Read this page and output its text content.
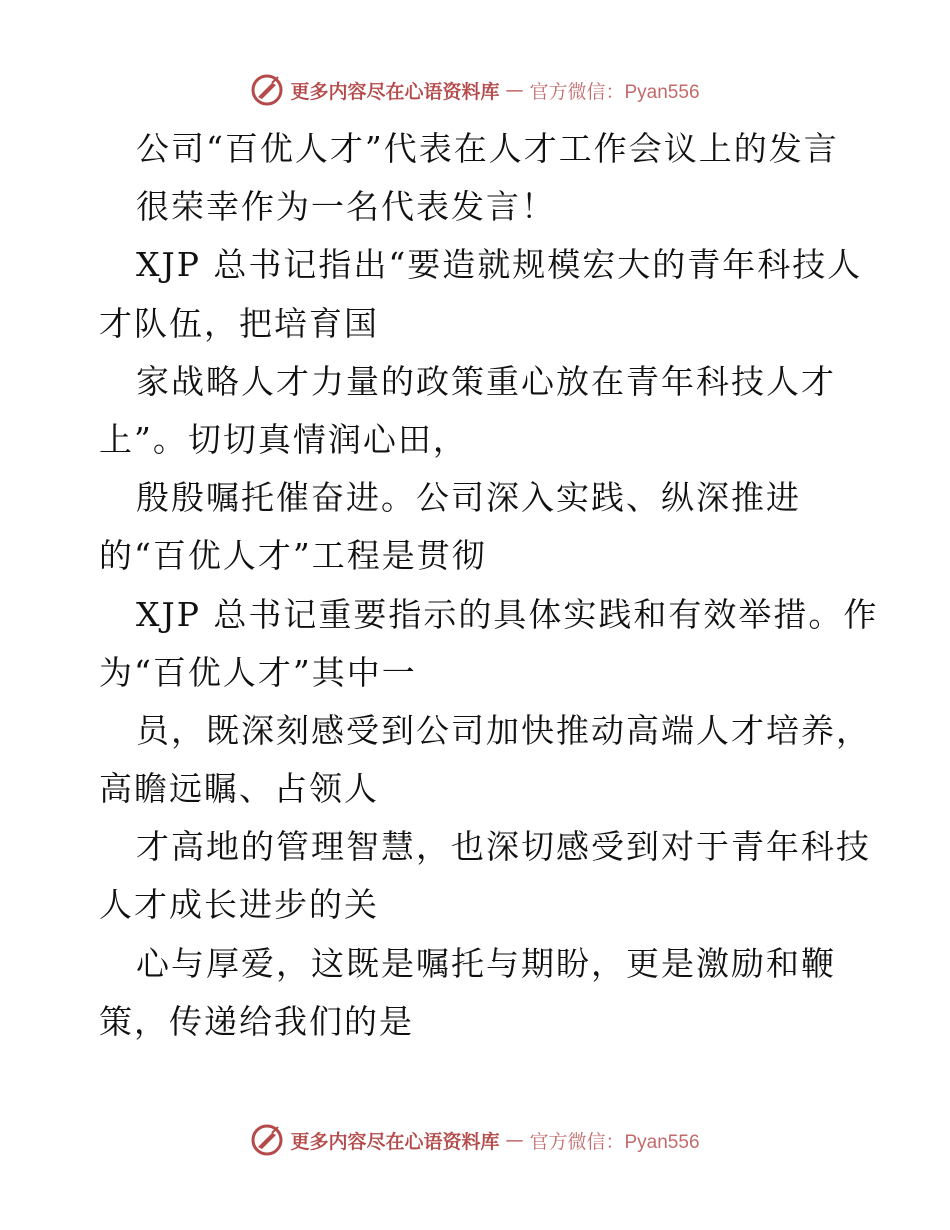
更多内容尽在心语资料库 — 官方微信：Pyan556
公司“百优人才”代表在人才工作会议上的发言
很荣幸作为一名代表发言！
XJP 总书记指出“要造就规模宏大的青年科技人
才队伍，把培育国
家战略人才力量的政策重心放在青年科技人才
上”。切切真情润心田，
殷殷嘱托催奋进。公司深入实践、纵深推进
的“百优人才”工程是贯彻
XJP 总书记重要指示的具体实践和有效举措。作
为“百优人才”其中一
员，既深刻感受到公司加快推动高端人才培养，
高瞻远瞩、占领人
才高地的管理智慧，也深切感受到对于青年科技
人才成长进步的关
心与厚爱，这既是嘱托与期盼，更是激励和鞭
策，传递给我们的是
更多内容尽在心语资料库 — 官方微信：Pyan556
